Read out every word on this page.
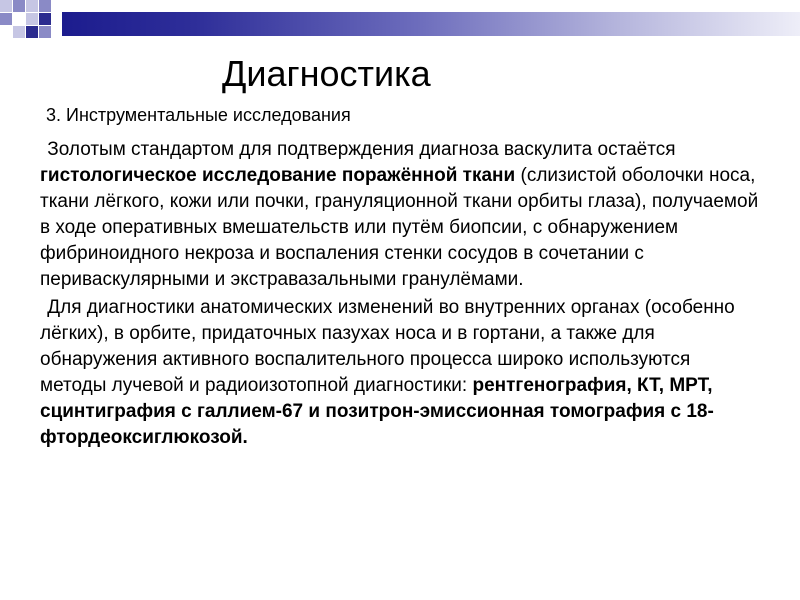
Диагностика

3. Инструментальные исследования

Золотым стандартом для подтверждения диагноза васкулита остаётся гистологическое исследование поражённой ткани (слизистой оболочки носа, ткани лёгкого, кожи или почки, грануляционной ткани орбиты глаза), получаемой в ходе оперативных вмешательств или путём биопсии, с обнаружением фибриноидного некроза и воспаления стенки сосудов в сочетании с периваскулярными и экстравазальными гранулёмами.

Для диагностики анатомических изменений во внутренних органах (особенно лёгких), в орбите, придаточных пазухах носа и в гортани, а также для обнаружения активного воспалительного процесса широко используются методы лучевой и радиоизотопной диагностики: рентгенография, КТ, МРТ, сцинтиграфия с галлием-67 и позитрон-эмиссионная томография с 18-фтордеоксиглюкозой.
